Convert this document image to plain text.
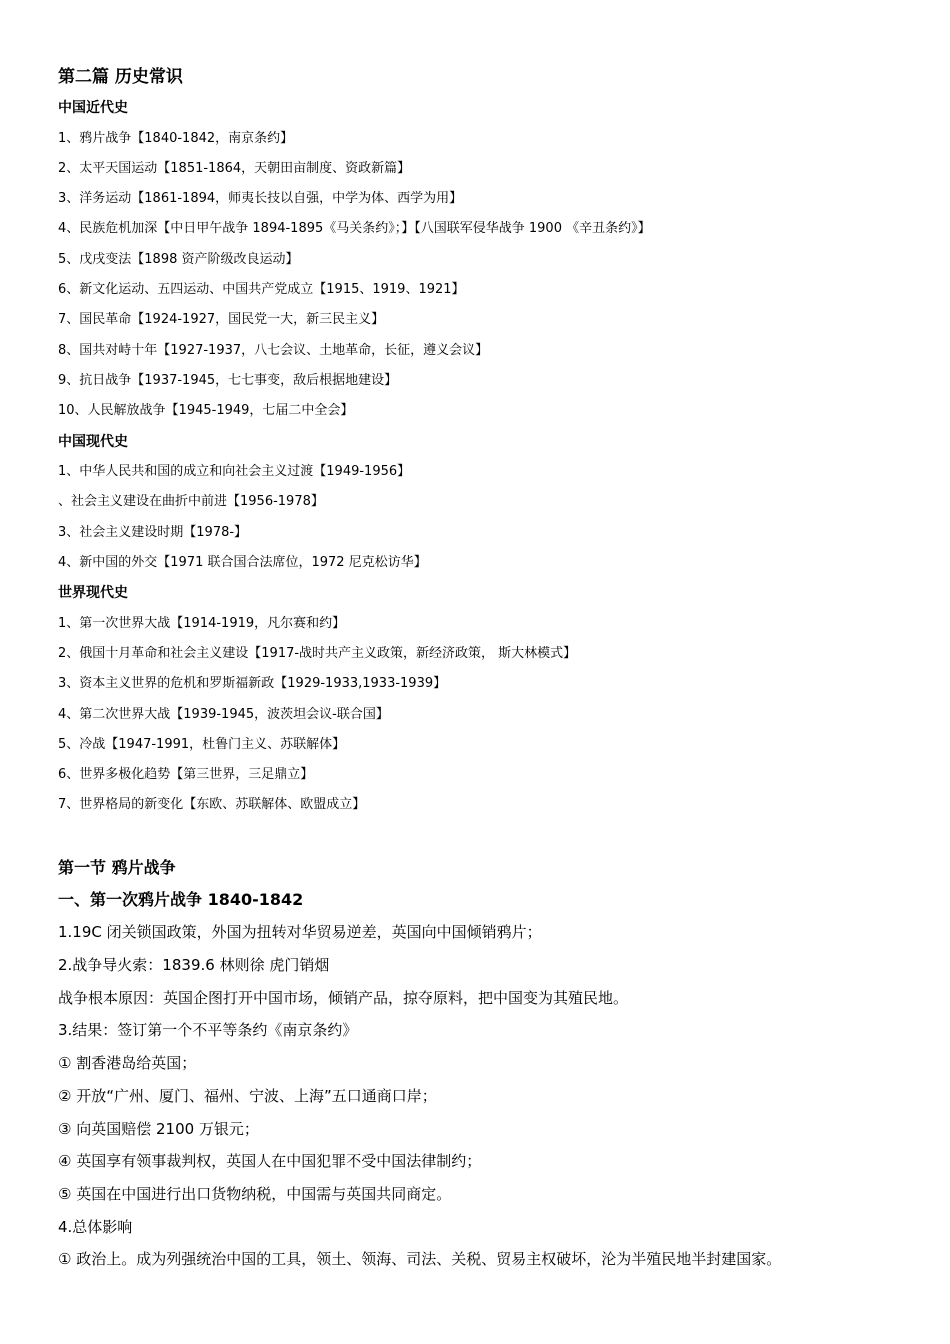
第二篇 历史常识
中国近代史
1、鸦片战争【1840-1842，南京条约】
2、太平天国运动【1851-1864，天朝田亩制度、资政新篇】
3、洋务运动【1861-1894，师夷长技以自强，中学为体、西学为用】
4、民族危机加深【中日甲午战争 1894-1895《马关条约》；】【八国联军侵华战争 1900 《辛丑条约》】
5、戊戌变法【1898 资产阶级改良运动】
6、新文化运动、五四运动、中国共产党成立【1915、1919、1921】
7、国民革命【1924-1927，国民党一大，新三民主义】
8、国共对峙十年【1927-1937，八七会议、土地革命，长征，遵义会议】
9、抗日战争【1937-1945，七七事变，敌后根据地建设】
10、人民解放战争【1945-1949，七届二中全会】
中国现代史
1、中华人民共和国的成立和向社会主义过渡【1949-1956】
、社会主义建设在曲折中前进【1956-1978】
3、社会主义建设时期【1978-】
4、新中国的外交【1971 联合国合法席位，1972 尼克松访华】
世界现代史
1、第一次世界大战【1914-1919，凡尔赛和约】
2、俄国十月革命和社会主义建设【1917-战时共产主义政策，新经济政策， 斯大林模式】
3、资本主义世界的危机和罗斯福新政【1929-1933,1933-1939】
4、第二次世界大战【1939-1945，波茨坦会议-联合国】
5、冷战【1947-1991，杜鲁门主义、苏联解体】
6、世界多极化趋势【第三世界，三足鼎立】
7、世界格局的新变化【东欧、苏联解体、欧盟成立】
第一节 鸦片战争
一、第一次鸦片战争 1840-1842
1.19C 闭关锁国政策，外国为扭转对华贸易逆差，英国向中国倾销鸦片；
2.战争导火索：1839.6 林则徐 虎门销烟
战争根本原因：英国企图打开中国市场，倾销产品，掠夺原料，把中国变为其殖民地。
3.结果：签订第一个不平等条约《南京条约》
① 割香港岛给英国；
② 开放“广州、厦门、福州、宁波、上海”五口通商口岸；
③ 向英国赔偿 2100 万银元；
④ 英国享有领事裁判权，英国人在中国犯罪不受中国法律制约；
⑤ 英国在中国进行出口货物纳税，中国需与英国共同商定。
4.总体影响
① 政治上。成为列强统治中国的工具，领土、领海、司法、关税、贸易主权破坏，沦为半殖民地半封建国家。
